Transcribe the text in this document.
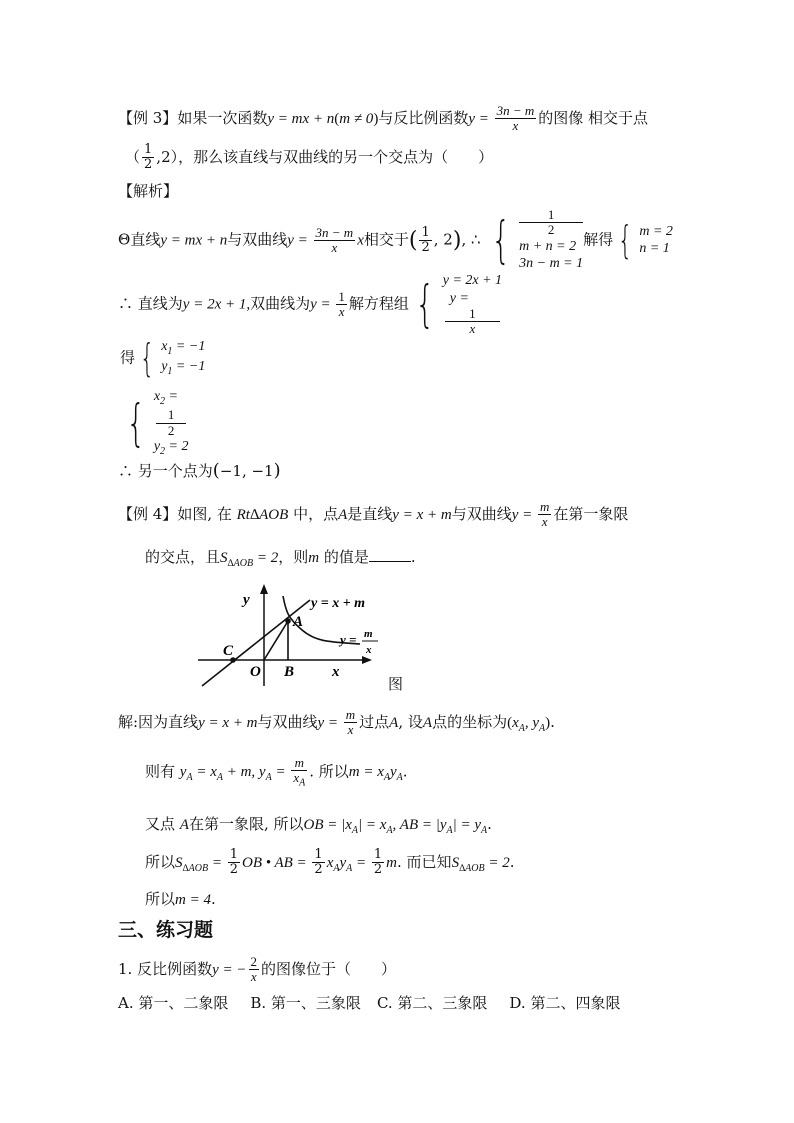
【例 3】如果一次函数y = mx + n(m ≠ 0)与反比例函数$y = \frac{3n - m}{x}$ 的图像 相交于点
（ $\frac{1}{2} ,2$），那么该直线与双曲线的另一个交点为（　　）
【解析】
Θ直线y = mx + n与双曲线$y = \frac{3n - m}{x}$ x相交于( $\frac{1}{2}$ , 2), ∴ {	1
2
m + n = 2
3n − m = 1
解得 { m = 2
n = 1
∴ 直线为y = 2x + 1,双曲线为$y = \frac{1}{x}$ 解方程组 { y = 2x + 1
y =
1
x
得 { $x_1 = -1$
$y_1 = -1$
{ $x_2$ =
1
2
$y_2 = 2$
∴ 另一个点为(−1, −1)
【例 4】如图, 在 Rt∆AOB 中，点A是直线y = x + m与双曲线$y = \frac{m}{x}$ 在第一象限
的交点，且$S_{\Delta AOB} = 2$，则m 的值是	.
y	y = x + m
A
y = m
x
C
O B	x
图
解:因为直线y = x + m与双曲线$y = \frac{m}{x}$ 过点A, 设A点的坐标为($x_A$, $y_A$).
则有 $y_A = x_A + m$, $y_A = \frac{m}{x_A}$ . 所以$m = x_Ay_A$.
又点 A在第一象限, 所以OB = $|x_A| = x_A$, AB = $|y_A| = y_A$.
所以$S_{\Delta AOB} = \frac{1}{2}$ OB • AB = $\frac{1}{2} x_Ay_A = \frac{1}{2} m$. 而已知$S_{\Delta AOB} = 2$.
所以m = 4.
三、练习题
1. 反比例函数y = − $\frac{2}{x}$ 的图像位于（　　）
A. 第一、二象限 B. 第一、三象限 C. 第二、三象限 D. 第二、四象限
